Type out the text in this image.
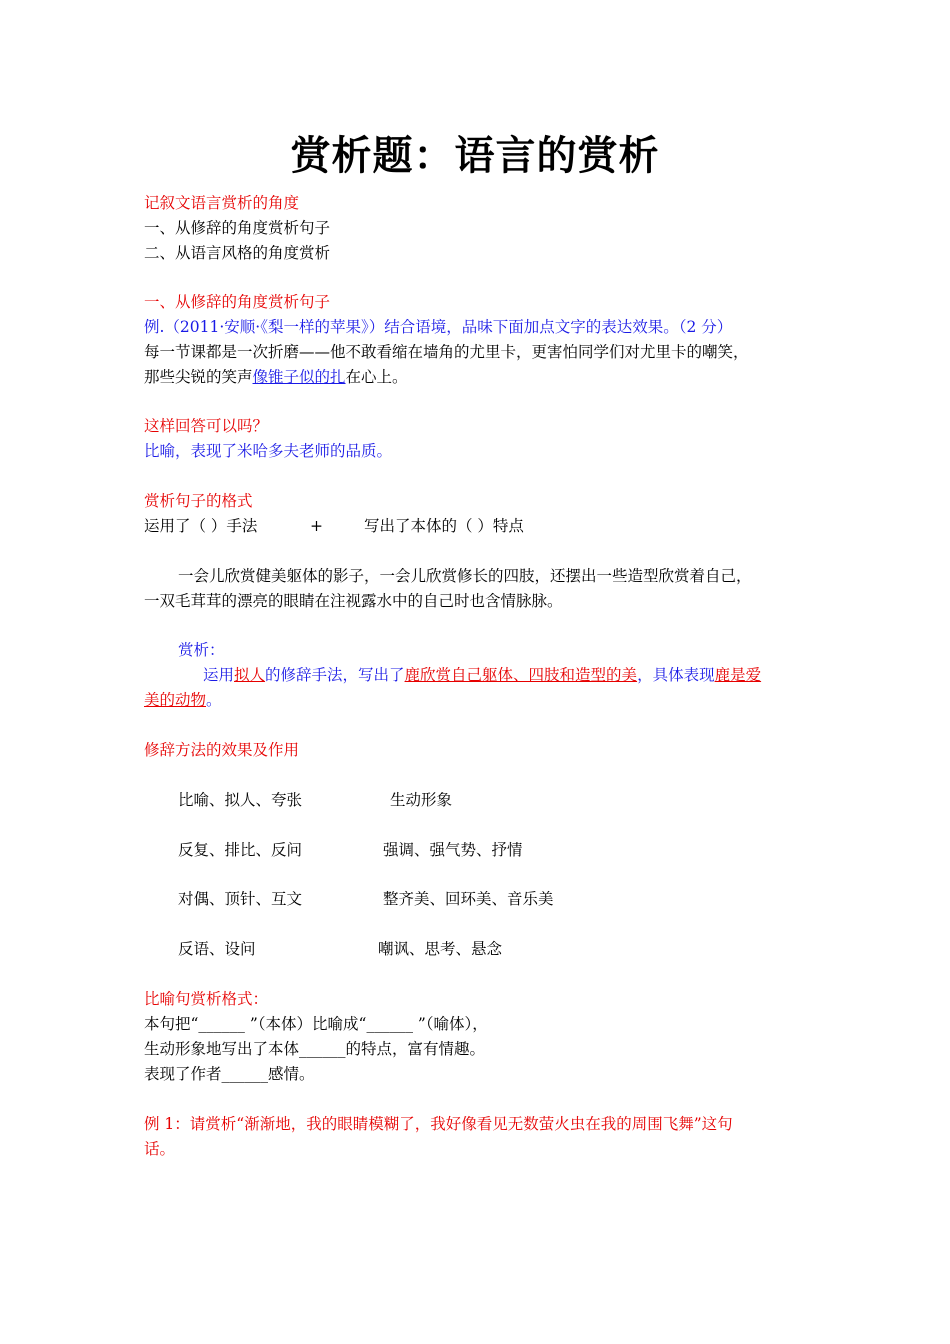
赏析题：语言的赏析
记叙文语言赏析的角度
一、从修辞的角度赏析句子
二、从语言风格的角度赏析
一、从修辞的角度赏析句子
例.（2011·安顺·《梨一样的苹果》）结合语境，品味下面加点文字的表达效果。（2 分）
每一节课都是一次折磨——他不敢看缩在墙角的尤里卡，更害怕同学们对尤里卡的嘲笑，
那些尖锐的笑声像锥子似的扎在心上。
这样回答可以吗？
比喻，表现了米哈多夫老师的品质。
赏析句子的格式
运用了（ ）手法	+	写出了本体的（ ）特点
一会儿欣赏健美躯体的影子，一会儿欣赏修长的四肢，还摆出一些造型欣赏着自己，
一双毛茸茸的漂亮的眼睛在注视露水中的自己时也含情脉脉。
赏析：
运用拟人的修辞手法，写出了鹿欣赏自己躯体、四肢和造型的美，具体表现鹿是爱
美的动物。
修辞方法的效果及作用
比喻、拟人、夸张	生动形象
反复、排比、反问	强调、强气势、抒情
对偶、顶针、互文	整齐美、回环美、音乐美
反语、设问	嘲讽、思考、悬念
比喻句赏析格式：
本句把“______ ”（本体）比喻成“______ ”（喻体），
生动形象地写出了本体______的特点，富有情趣。
表现了作者______感情。
例 1：请赏析“渐渐地，我的眼睛模糊了，我好像看见无数萤火虫在我的周围飞舞”这句
话。
